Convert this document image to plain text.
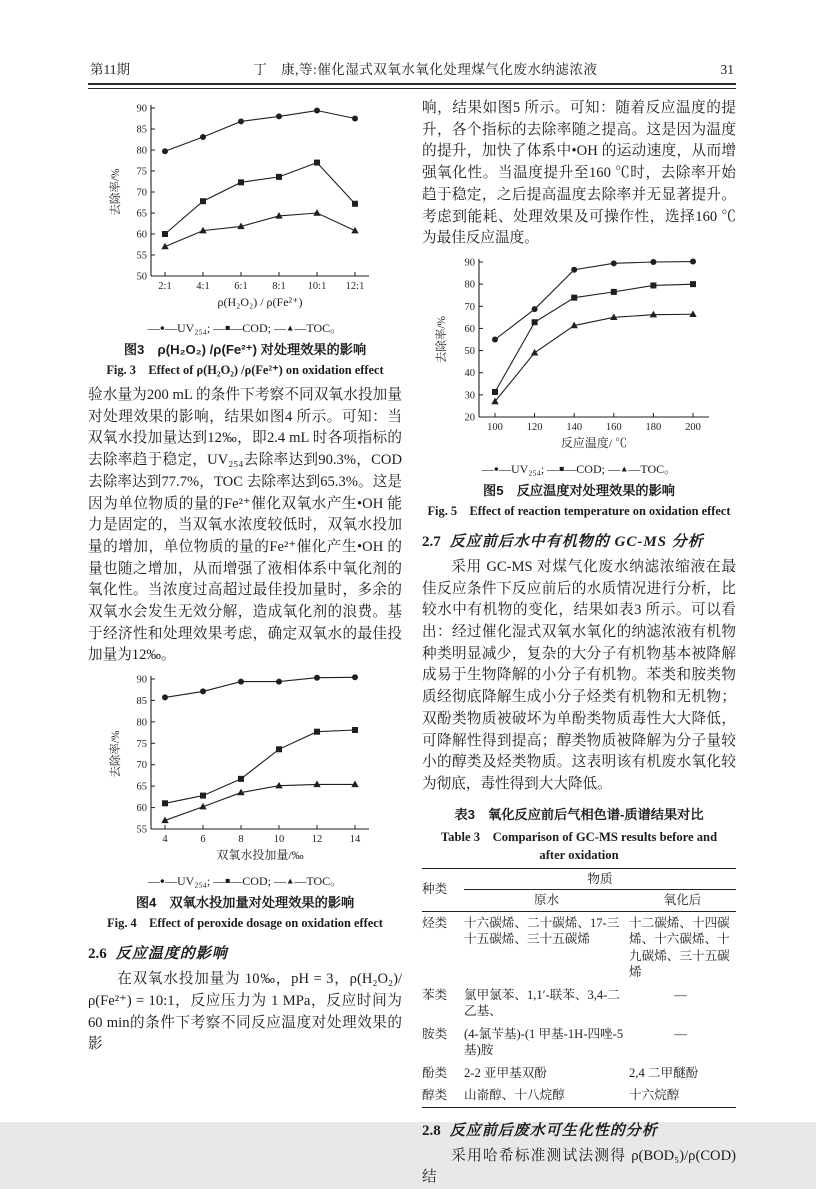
第11期	丁　康,等:催化湿式双氧水氧化处理煤气化废水纳滤浓液	31
50
55
60
65
70
75
80
85
90
2:1 4:1 6:1 8:1 10:1 12:1
ρ(H₂O₂) / ρ(Fe²⁺)
去除率/%
—●—UV₂₅₄; —■—COD; —▲—TOC。
图3　ρ(H₂O₂) /ρ(Fe²⁺) 对处理效果的影响
Fig. 3　Effect of ρ(H₂O₂) /ρ(Fe²⁺) on oxidation effect

验水量为200 mL 的条件下考察不同双氧水投加量对处理效果的影响，结果如图4 所示。可知：当双氧水投加量达到12‰，即2.4 mL 时各项指标的去除率趋于稳定，UV₂₅₄去除率达到90.3%，COD 去除率达到77.7%，TOC 去除率达到65.3%。这是因为单位物质的量的Fe²⁺催化双氧水产生•OH 能力是固定的，当双氧水浓度较低时，双氧水投加量的增加，单位物质的量的Fe²⁺催化产生•OH 的量也随之增加，从而增强了液相体系中氧化剂的氧化性。当浓度过高超过最佳投加量时，多余的双氧水会发生无效分解，造成氧化剂的浪费。基于经济性和处理效果考虑，确定双氧水的最佳投加量为12‰。

55
60
65
70
75
80
85
90
4	6	8	10	12	14
双氧水投加量/‰
去除率/%
—●—UV₂₅₄; —■—COD; —▲—TOC。
图4　双氧水投加量对处理效果的影响
Fig. 4　Effect of peroxide dosage on oxidation effect
2.6 反应温度的影响

在双氧水投加量为 10‰，pH = 3，ρ(H₂O₂)/ρ(Fe²⁺) = 10:1，反应压力为 1 MPa，反应时间为 60 min的条件下考察不同反应温度对处理效果的影

响，结果如图5 所示。可知：随着反应温度的提升，各个指标的去除率随之提高。这是因为温度的提升，加快了体系中•OH 的运动速度，从而增强氧化性。当温度提升至160 ℃时，去除率开始趋于稳定，之后提高温度去除率并无显著提升。考虑到能耗、处理效果及可操作性，选择160 ℃为最佳反应温度。

20
30
40
50
60
70
80
90
100 120 140 160 180 200
反应温度/ ℃
去除率/%
—●—UV₂₅₄; —■—COD; —▲—TOC。
图5　反应温度对处理效果的影响
Fig. 5　Effect of reaction temperature on oxidation effect
2.7 反应前后水中有机物的 GC-MS 分析

采用 GC-MS 对煤气化废水纳滤浓缩液在最佳反应条件下反应前后的水质情况进行分析，比较水中有机物的变化，结果如表3 所示。可以看出：经过催化湿式双氧水氧化的纳滤浓液有机物种类明显减少，复杂的大分子有机物基本被降解成易于生物降解的小分子有机物。苯类和胺类物质经彻底降解生成小分子烃类有机物和无机物；双酚类物质被破坏为单酚类物质毒性大大降低，可降解性得到提高；醇类物质被降解为分子量较小的醇类及烃类物质。这表明该有机废水氧化较为彻底，毒性得到大大降低。

表3　氧化反应前后气相色谱-质谱结果对比
Table 3　Comparison of GC-MS results before and
after oxidation
种类	物质	
	原水	氧化后
烃类	十六碳烯、二十碳烯、17-三十五碳烯、三十五碳烯	十二碳烯、十四碳烯、十六碳烯、十九碳烯、三十五碳烯
苯类	氯甲氯苯、1,1′-联苯、3,4-二乙基、	—
胺类	(4-氯苄基)-(1 甲基-1H-四唑-5 基)胺	—
酚类	2-2 亚甲基双酚	2,4 二甲醚酚
醇类	山嵛醇、十八烷醇	十六烷醇
2.8 反应前后废水可生化性的分析

采用哈希标准测试法测得 ρ(BOD₅)/ρ(COD) 结
